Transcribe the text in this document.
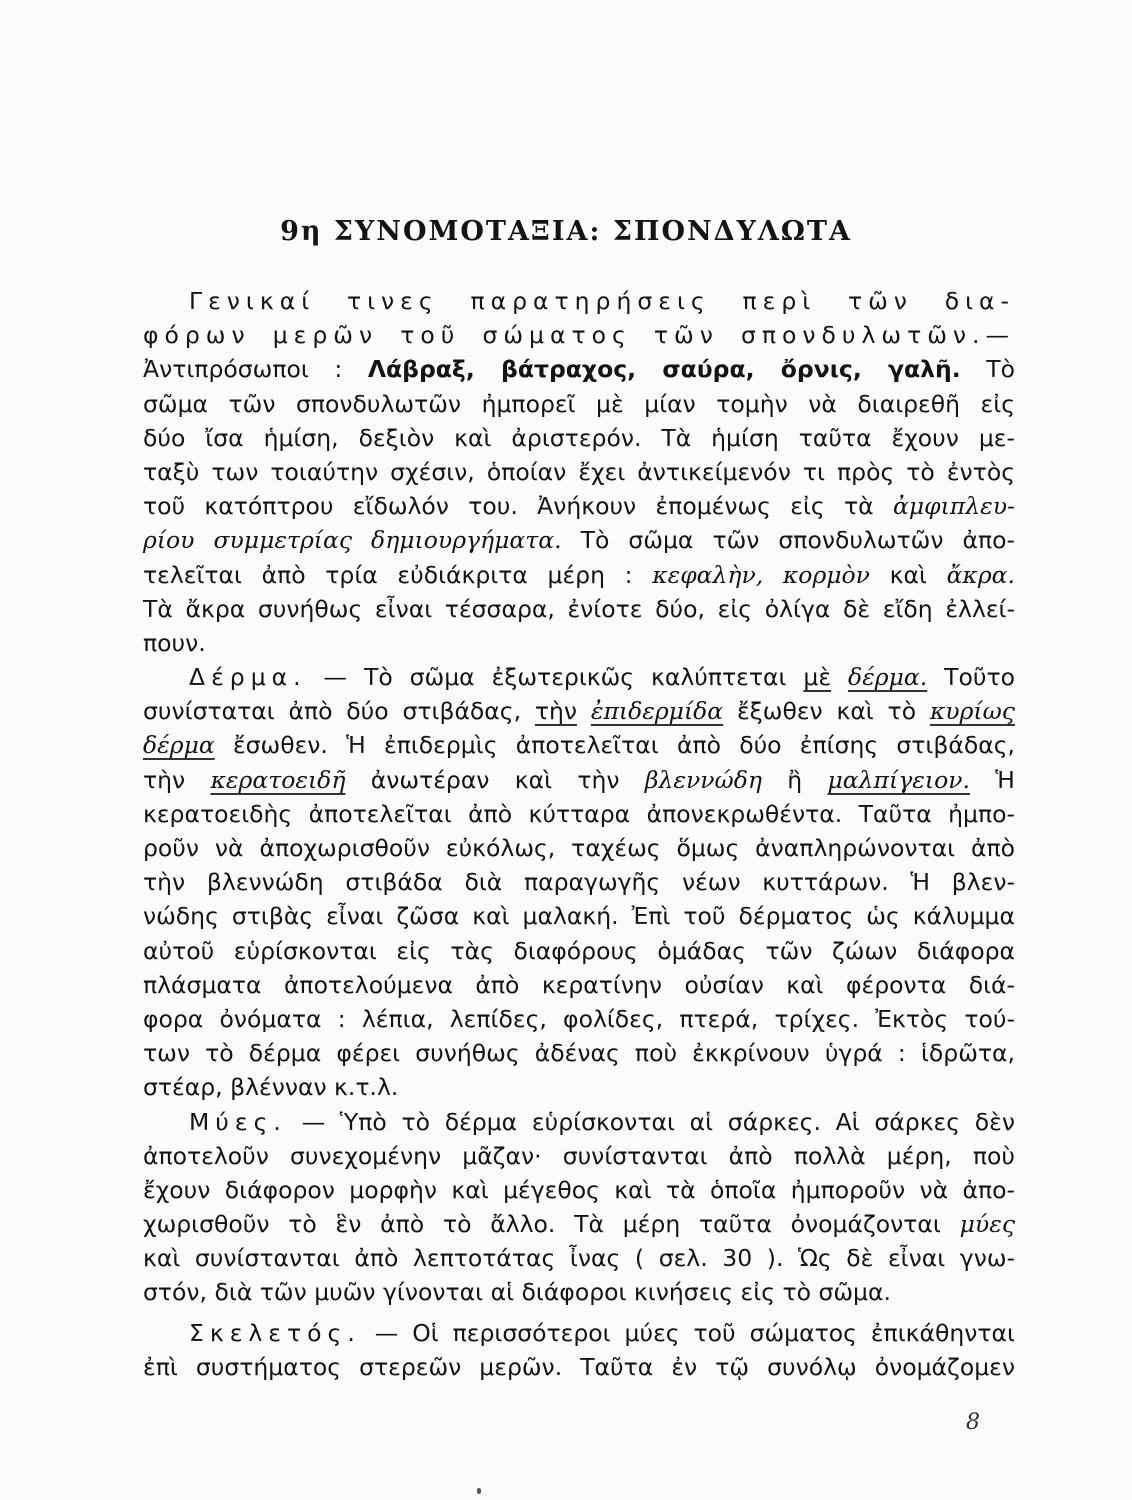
9η ΣΥΝΟΜΟΤΑΞΙΑ: ΣΠΟΝΔΥΛΩΤΑ
Γενικαί τινες παρατηρήσεις περὶ τῶν δια-
φόρων μερῶν τοῦ σώματος τῶν σπονδυλωτῶν.—
Ἀντιπρόσωποι : Λάβραξ, βάτραχος, σαύρα, ὄρνις, γαλῆ. Τὸ
σῶμα τῶν σπονδυλωτῶν ἠμπορεῖ μὲ μίαν τομὴν νὰ διαιρεθῆ εἰς
δύο ἴσα ἡμίση, δεξιὸν καὶ ἀριστερόν. Τὰ ἡμίση ταῦτα ἔχουν με-
ταξὺ των τοιαύτην σχέσιν, ὁποίαν ἔχει ἀντικείμενόν τι πρὸς τὸ ἐντὸς
τοῦ κατόπτρου εἴδωλόν του. Ἀνήκουν ἐπομένως εἰς τὰ ἀμφιπλευ-
ρίου συμμετρίας δημιουργήματα. Τὸ σῶμα τῶν σπονδυλωτῶν ἀπο-
τελεῖται ἀπὸ τρία εὐδιάκριτα μέρη : κεφαλὴν, κορμὸν καὶ ἄκρα.
Τὰ ἄκρα συνήθως εἶναι τέσσαρα, ἐνίοτε δύο, εἰς ὀλίγα δὲ εἴδη ἐλλεί-
πουν.
Δέρμα. — Τὸ σῶμα ἐξωτερικῶς καλύπτεται μὲ δέρμα. Τοῦτο
συνίσταται ἀπὸ δύο στιβάδας, τὴν ἐπιδερμίδα ἔξωθεν καὶ τὸ κυρίως
δέρμα ἔσωθεν. Ἡ ἐπιδερμὶς ἀποτελεῖται ἀπὸ δύο ἐπίσης στιβάδας,
τὴν κερατοειδῆ ἀνωτέραν καὶ τὴν βλεννώδη ἢ μαλπίγειον. Ἡ
κερατοειδὴς ἀποτελεῖται ἀπὸ κύτταρα ἀπονεκρωθέντα. Ταῦτα ἠμπο-
ροῦν νὰ ἀποχωρισθοῦν εὐκόλως, ταχέως ὅμως ἀναπληρώνονται ἀπὸ
τὴν βλεννώδη στιβάδα διὰ παραγωγῆς νέων κυττάρων. Ἡ βλεν-
νώδης στιβὰς εἶναι ζῶσα καὶ μαλακή. Ἐπὶ τοῦ δέρματος ὡς κάλυμμα
αὐτοῦ εὑρίσκονται εἰς τὰς διαφόρους ὁμάδας τῶν ζώων διάφορα
πλάσματα ἀποτελούμενα ἀπὸ κερατίνην οὐσίαν καὶ φέροντα διά-
φορα ὀνόματα : λέπια, λεπίδες, φολίδες, πτερά, τρίχες. Ἐκτὸς τού-
των τὸ δέρμα φέρει συνήθως ἀδένας ποὺ ἐκκρίνουν ὑγρά : ἱδρῶτα,
στέαρ, βλένναν κ.τ.λ.
Μύες. — Ὑπὸ τὸ δέρμα εὑρίσκονται αἱ σάρκες. Αἱ σάρκες δὲν
ἀποτελοῦν συνεχομένην μᾶζαν· συνίστανται ἀπὸ πολλὰ μέρη, ποὺ
ἔχουν διάφορον μορφὴν καὶ μέγεθος καὶ τὰ ὁποῖα ἠμποροῦν νὰ ἀπο-
χωρισθοῦν τὸ ἓν ἀπὸ τὸ ἄλλο. Τὰ μέρη ταῦτα ὀνομάζονται μύες
καὶ συνίστανται ἀπὸ λεπτοτάτας ἶνας ( σελ. 30 ). Ὡς δὲ εἶναι γνω-
στόν, διὰ τῶν μυῶν γίνονται αἱ διάφοροι κινήσεις εἰς τὸ σῶμα.
Σκελετός. — Οἱ περισσότεροι μύες τοῦ σώματος ἐπικάθηνται
ἐπὶ συστήματος στερεῶν μερῶν. Ταῦτα ἐν τῷ συνόλῳ ὀνομάζομεν
8
